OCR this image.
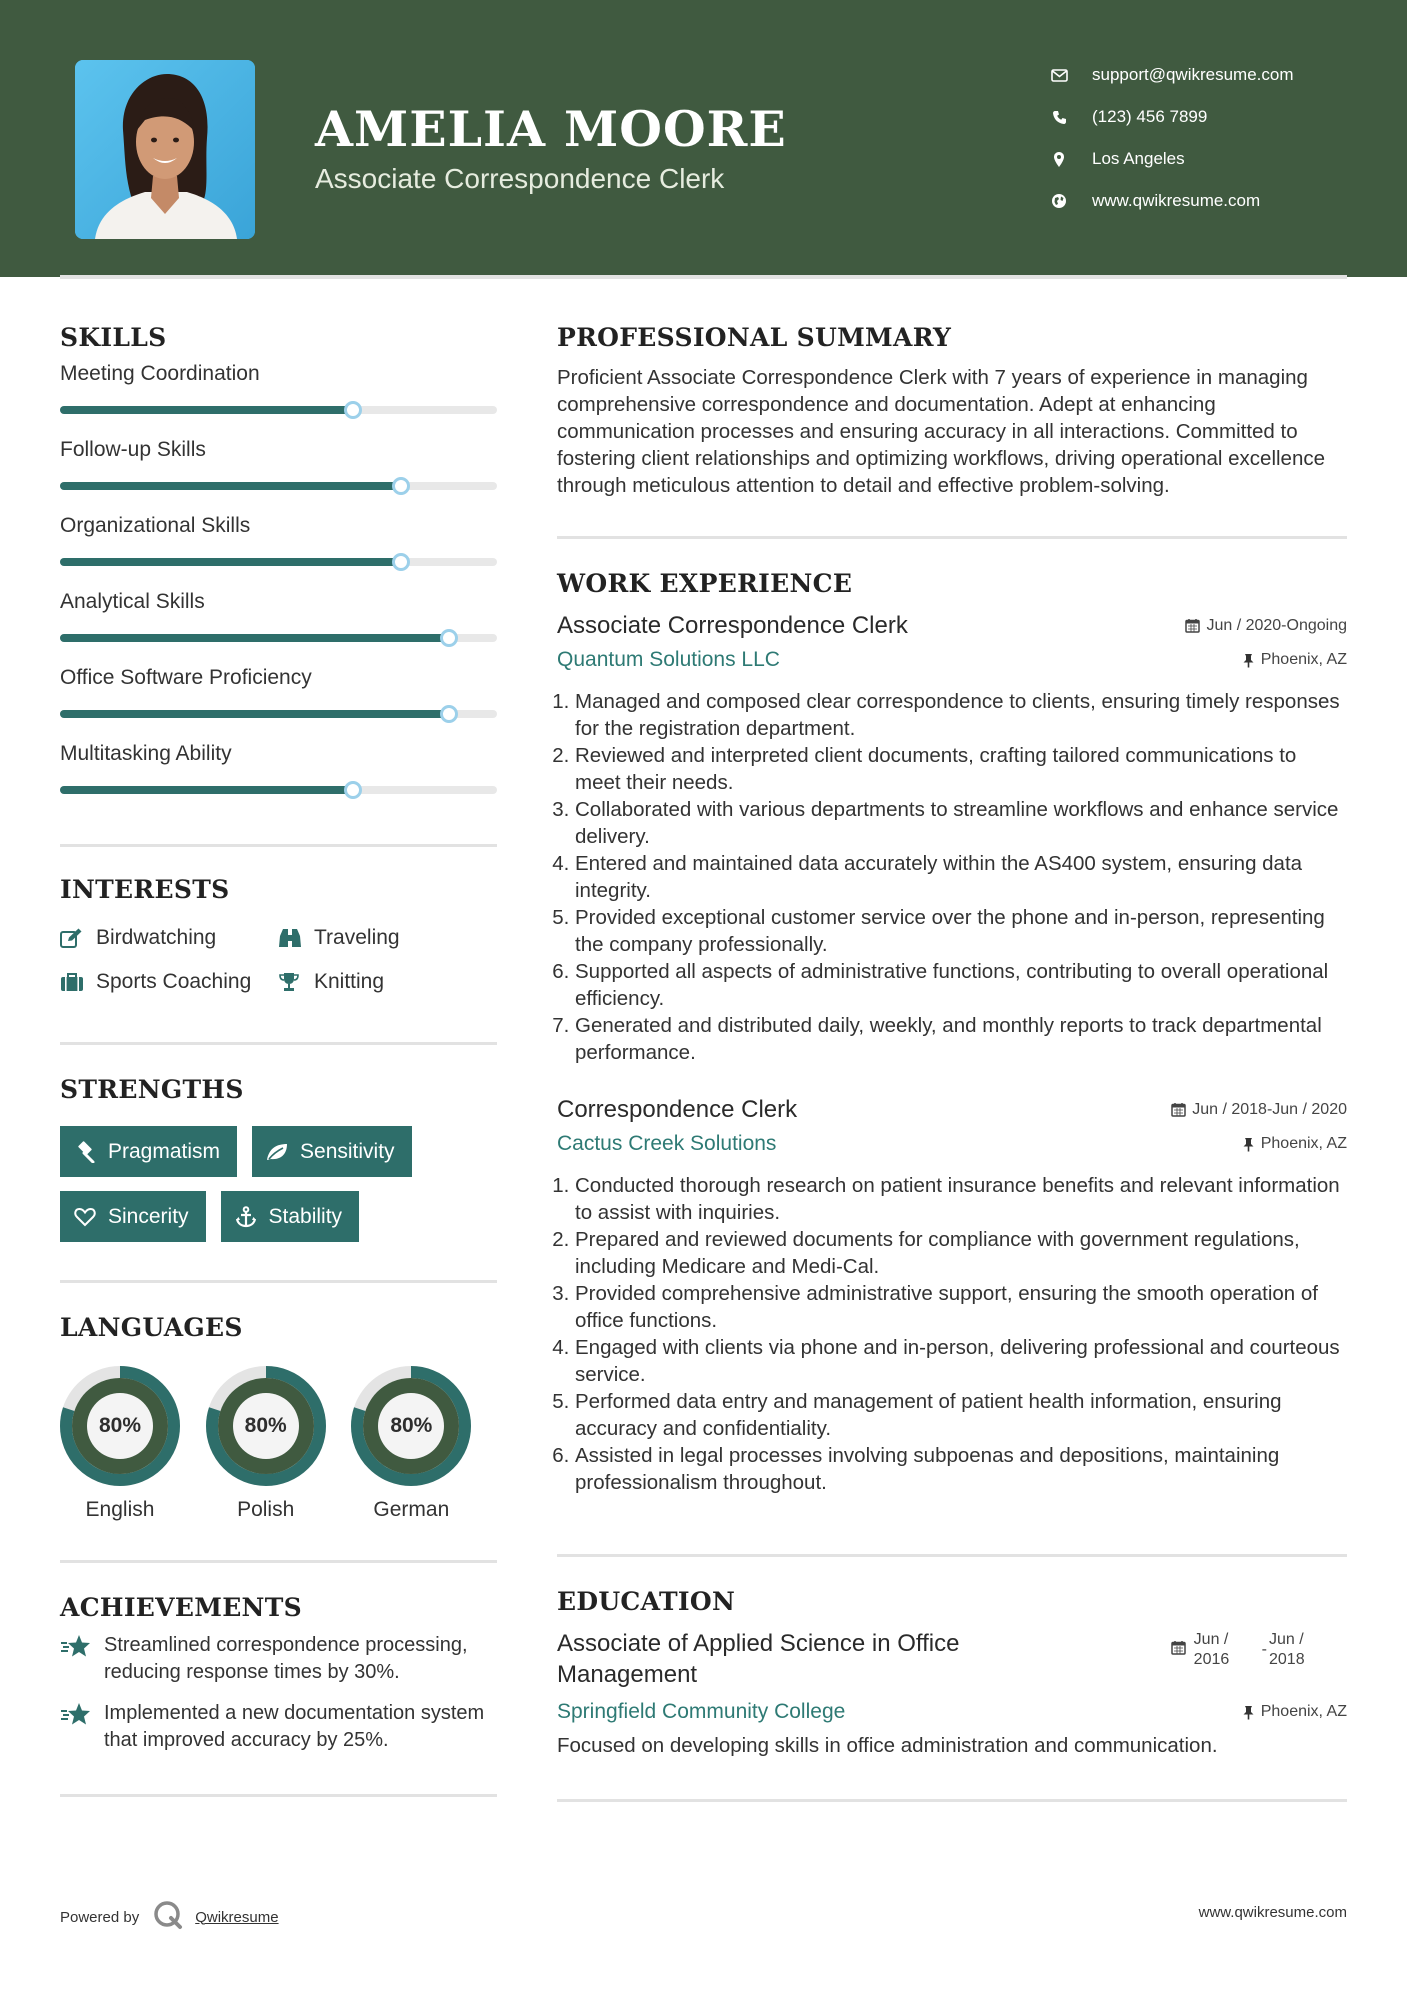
AMELIA MOORE
Associate Correspondence Clerk
support@qwikresume.com
(123) 456 7899
Los Angeles
www.qwikresume.com
SKILLS
Meeting Coordination
Follow-up Skills
Organizational Skills
Analytical Skills
Office Software Proficiency
Multitasking Ability
INTERESTS
Birdwatching	Traveling
Sports Coaching	Knitting
STRENGTHS
Pragmatism	Sensitivity
Sincerity	Stability
LANGUAGES
80%
English
80%
Polish
80%
German
ACHIEVEMENTS
Streamlined correspondence processing, reducing response times by 30%.
Implemented a new documentation system that improved accuracy by 25%.
PROFESSIONAL SUMMARY
Proficient Associate Correspondence Clerk with 7 years of experience in managing comprehensive correspondence and documentation. Adept at enhancing communication processes and ensuring accuracy in all interactions. Committed to fostering client relationships and optimizing workflows, driving operational excellence through meticulous attention to detail and effective problem-solving.
WORK EXPERIENCE
Associate Correspondence Clerk	Jun / 2020-Ongoing
Quantum Solutions LLC	Phoenix, AZ
1. Managed and composed clear correspondence to clients, ensuring timely responses for the registration department.
2. Reviewed and interpreted client documents, crafting tailored communications to meet their needs.
3. Collaborated with various departments to streamline workflows and enhance service delivery.
4. Entered and maintained data accurately within the AS400 system, ensuring data integrity.
5. Provided exceptional customer service over the phone and in-person, representing the company professionally.
6. Supported all aspects of administrative functions, contributing to overall operational efficiency.
7. Generated and distributed daily, weekly, and monthly reports to track departmental performance.
Correspondence Clerk	Jun / 2018-Jun / 2020
Cactus Creek Solutions	Phoenix, AZ
1. Conducted thorough research on patient insurance benefits and relevant information to assist with inquiries.
2. Prepared and reviewed documents for compliance with government regulations, including Medicare and Medi-Cal.
3. Provided comprehensive administrative support, ensuring the smooth operation of office functions.
4. Engaged with clients via phone and in-person, delivering professional and courteous service.
5. Performed data entry and management of patient health information, ensuring accuracy and confidentiality.
6. Assisted in legal processes involving subpoenas and depositions, maintaining professionalism throughout.
EDUCATION
Associate of Applied Science in Office Management
Jun / 2016
-
Jun / 2018
Springfield Community College	Phoenix, AZ
Focused on developing skills in office administration and communication.
Powered by	Qwikresume	www.qwikresume.com
